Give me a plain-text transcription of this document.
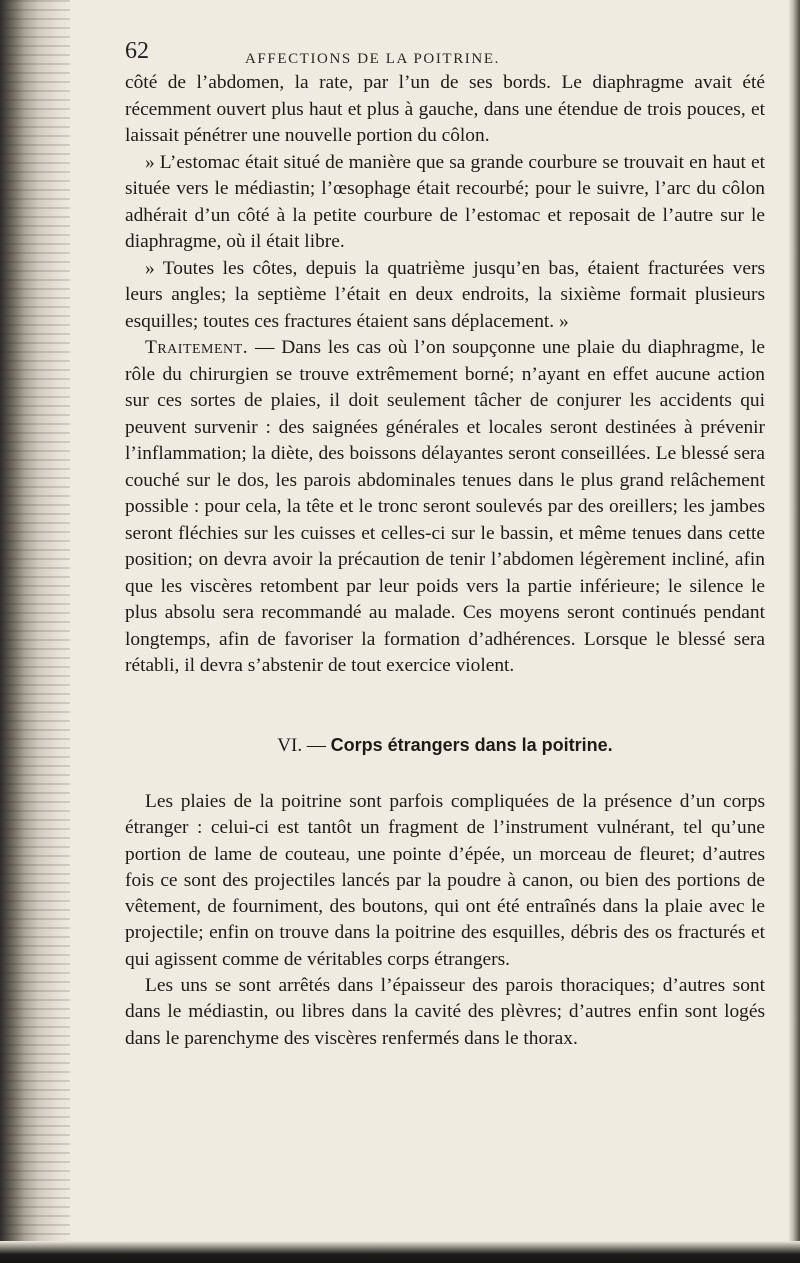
62	AFFECTIONS DE LA POITRINE.

côté de l’abdomen, la rate, par l’un de ses bords. Le diaphragme avait été récemment ouvert plus haut et plus à gauche, dans une étendue de trois pouces, et laissait pénétrer une nouvelle portion du côlon.

» L’estomac était situé de manière que sa grande courbure se trouvait en haut et située vers le médiastin; l’œsophage était recourbé; pour le suivre, l’arc du côlon adhérait d’un côté à la petite courbure de l’estomac et reposait de l’autre sur le diaphragme, où il était libre.

» Toutes les côtes, depuis la quatrième jusqu’en bas, étaient fracturées vers leurs angles; la septième l’était en deux endroits, la sixième formait plusieurs esquilles; toutes ces fractures étaient sans déplacement. »

Traitement. — Dans les cas où l’on soupçonne une plaie du diaphragme, le rôle du chirurgien se trouve extrêmement borné; n’ayant en effet aucune action sur ces sortes de plaies, il doit seulement tâcher de conjurer les accidents qui peuvent survenir : des saignées générales et locales seront destinées à prévenir l’inflammation; la diète, des boissons délayantes seront conseillées. Le blessé sera couché sur le dos, les parois abdominales tenues dans le plus grand relâchement possible : pour cela, la tête et le tronc seront soulevés par des oreillers; les jambes seront fléchies sur les cuisses et celles-ci sur le bassin, et même tenues dans cette position; on devra avoir la précaution de tenir l’abdomen légèrement incliné, afin que les viscères retombent par leur poids vers la partie inférieure; le silence le plus absolu sera recommandé au malade. Ces moyens seront continués pendant longtemps, afin de favoriser la formation d’adhérences. Lorsque le blessé sera rétabli, il devra s’abstenir de tout exercice violent.

VI. — Corps étrangers dans la poitrine.

Les plaies de la poitrine sont parfois compliquées de la présence d’un corps étranger : celui-ci est tantôt un fragment de l’instrument vulnérant, tel qu’une portion de lame de couteau, une pointe d’épée, un morceau de fleuret; d’autres fois ce sont des projectiles lancés par la poudre à canon, ou bien des portions de vêtement, de fourniment, des boutons, qui ont été entraînés dans la plaie avec le projectile; enfin on trouve dans la poitrine des esquilles, débris des os fracturés et qui agissent comme de véritables corps étrangers.

Les uns se sont arrêtés dans l’épaisseur des parois thoraciques; d’autres sont dans le médiastin, ou libres dans la cavité des plèvres; d’autres enfin sont logés dans le parenchyme des viscères renfermés dans le thorax.
